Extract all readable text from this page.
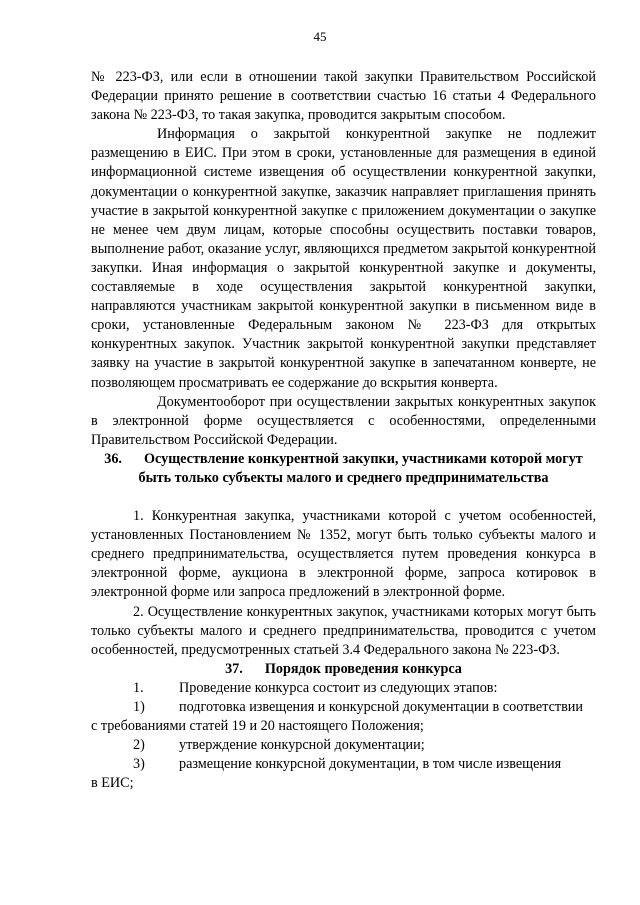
45

№ 223-ФЗ, или если в отношении такой закупки Правительством Российской Федерации принято решение в соответствии счастью 16 статьи 4 Федерального закона № 223-ФЗ, то такая закупка, проводится закрытым способом.

Информация о закрытой конкурентной закупке не подлежит размещению в ЕИС. При этом в сроки, установленные для размещения в единой информационной системе извещения об осуществлении конкурентной закупки, документации о конкурентной закупке, заказчик направляет приглашения принять участие в закрытой конкурентной закупке с приложением документации о закупке не менее чем двум лицам, которые способны осуществить поставки товаров, выполнение работ, оказание услуг, являющихся предметом закрытой конкурентной закупки. Иная информация о закрытой конкурентной закупке и документы, составляемые в ходе осуществления закрытой конкурентной закупки, направляются участникам закрытой конкурентной закупки в письменном виде в сроки, установленные Федеральным законом № 223-ФЗ для открытых конкурентных закупок. Участник закрытой конкурентной закупки представляет заявку на участие в закрытой конкурентной закупке в запечатанном конверте, не позволяющем просматривать ее содержание до вскрытия конверта.

Документооборот при осуществлении закрытых конкурентных закупок в электронной форме осуществляется с особенностями, определенными Правительством Российской Федерации.

36. Осуществление конкурентной закупки, участниками которой могут быть только субъекты малого и среднего предпринимательства

1. Конкурентная закупка, участниками которой с учетом особенностей, установленных Постановлением № 1352, могут быть только субъекты малого и среднего предпринимательства, осуществляется путем проведения конкурса в электронной форме, аукциона в электронной форме, запроса котировок в электронной форме или запроса предложений в электронной форме.

2. Осуществление конкурентных закупок, участниками которых могут быть только субъекты малого и среднего предпринимательства, проводится с учетом особенностей, предусмотренных статьей 3.4 Федерального закона № 223-ФЗ.

37. Порядок проведения конкурса

1.	Проведение конкурса состоит из следующих этапов:
1)	подготовка извещения и конкурсной документации в соответствии

с требованиями статей 19 и 20 настоящего Положения;

2)	утверждение конкурсной документации;
3)	размещение конкурсной документации, в том числе извещения

в ЕИС;
